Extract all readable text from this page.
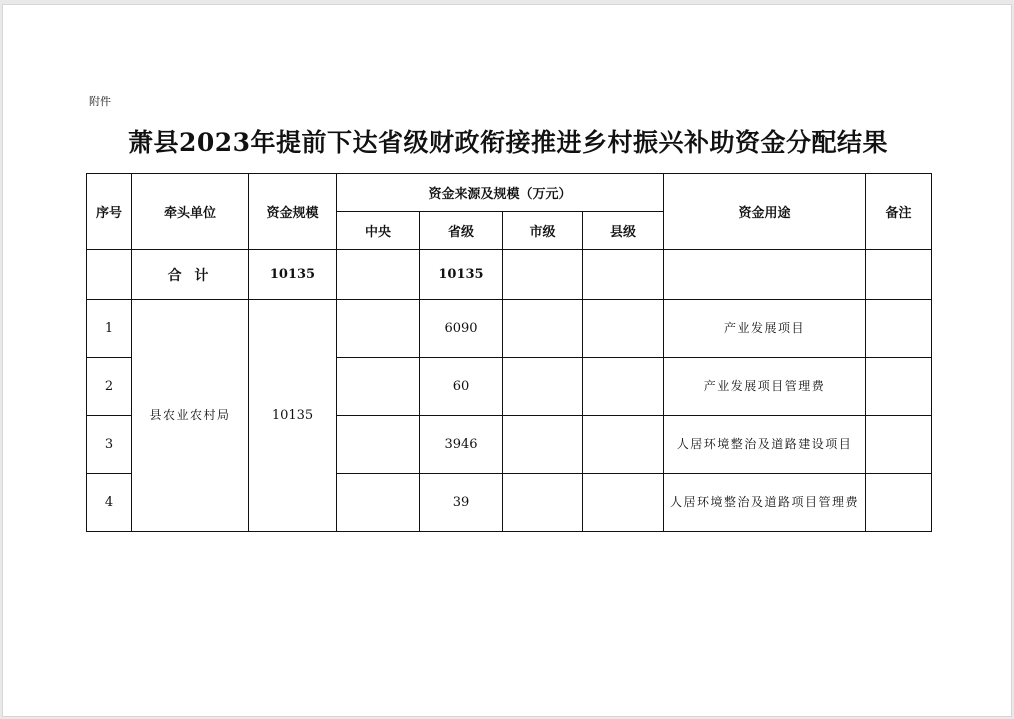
附件
萧县2023年提前下达省级财政衔接推进乡村振兴补助资金分配结果
序号	牵头单位	资金规模	资金来源及规模（万元）				资金用途	备注
			中央	省级	市级	县级		
	合 计	10135		10135				
1	县农业农村局	10135		6090			产业发展项目	
2				60			产业发展项目管理费	
3				3946			人居环境整治及道路建设项目	
4				39			人居环境整治及道路项目管理费	
